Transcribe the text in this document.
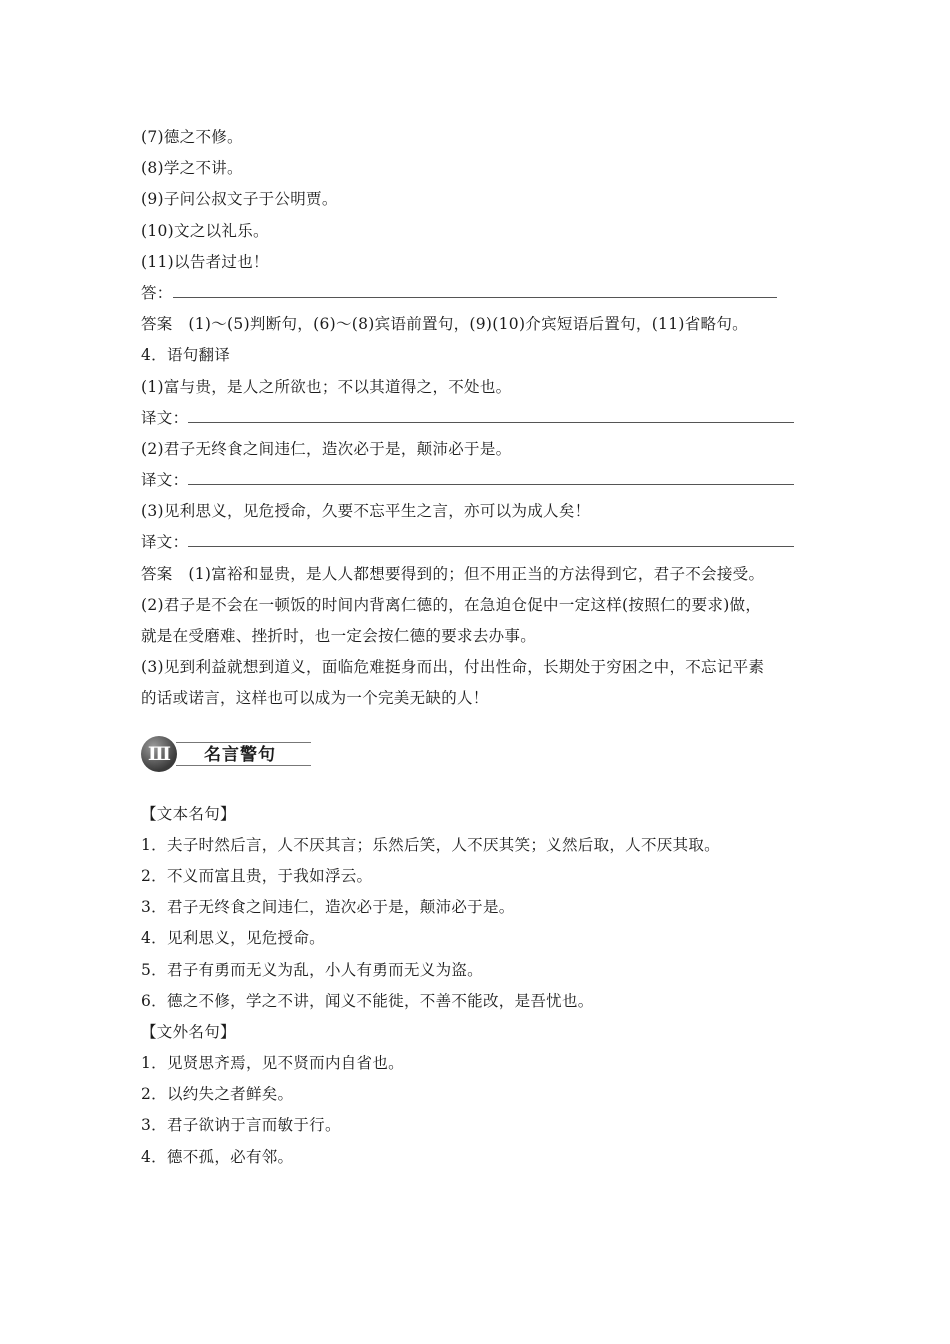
(7)德之不修。
(8)学之不讲。
(9)子问公叔文子于公明贾。
(10)文之以礼乐。
(11)以告者过也！
答：
答案　(1)～(5)判断句，(6)～(8)宾语前置句，(9)(10)介宾短语后置句，(11)省略句。
4．语句翻译
(1)富与贵，是人之所欲也；不以其道得之，不处也。
译文：
(2)君子无终食之间违仁，造次必于是，颠沛必于是。
译文：
(3)见利思义，见危授命，久要不忘平生之言，亦可以为成人矣！
译文：
答案　(1)富裕和显贵，是人人都想要得到的；但不用正当的方法得到它，君子不会接受。
(2)君子是不会在一顿饭的时间内背离仁德的，在急迫仓促中一定这样(按照仁的要求)做，
就是在受磨难、挫折时，也一定会按仁德的要求去办事。
(3)见到利益就想到道义，面临危难挺身而出，付出性命，长期处于穷困之中，不忘记平素
的话或诺言，这样也可以成为一个完美无缺的人！
名言警句
Ⅲ
【文本名句】
1．夫子时然后言，人不厌其言；乐然后笑，人不厌其笑；义然后取，人不厌其取。
2．不义而富且贵，于我如浮云。
3．君子无终食之间违仁，造次必于是，颠沛必于是。
4．见利思义，见危授命。
5．君子有勇而无义为乱，小人有勇而无义为盗。
6．德之不修，学之不讲，闻义不能徙，不善不能改，是吾忧也。
【文外名句】
1．见贤思齐焉，见不贤而内自省也。
2．以约失之者鲜矣。
3．君子欲讷于言而敏于行。
4．德不孤，必有邻。
